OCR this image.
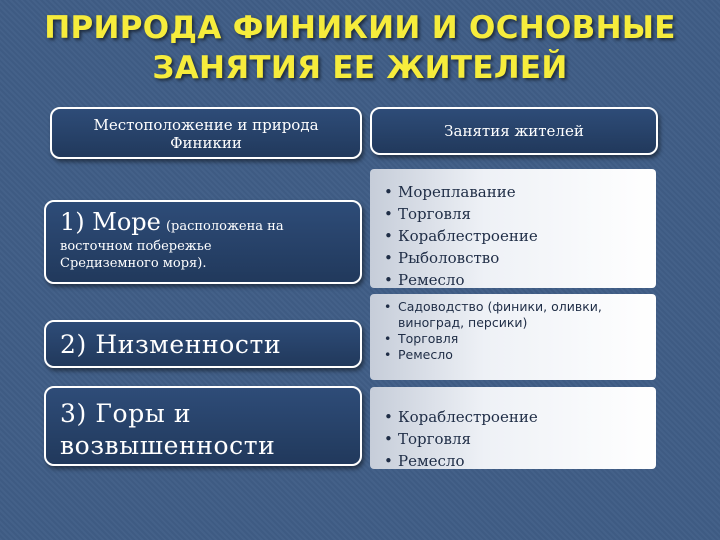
ПРИРОДА ФИНИКИИ И ОСНОВНЫЕ
ЗАНЯТИЯ ЕЕ ЖИТЕЛЕЙ
Местоположение и природа
Финикии
Занятия жителей
1) Море (расположена на
восточном побережье
Средиземного моря).
• Мореплавание
• Торговля
• Кораблестроение
• Рыболовство
• Ремесло
2) Низменности
• Садоводство (финики, оливки,
виноград, персики)
• Торговля
• Ремесло
3) Горы и
возвышенности
• Кораблестроение
• Торговля
• Ремесло
